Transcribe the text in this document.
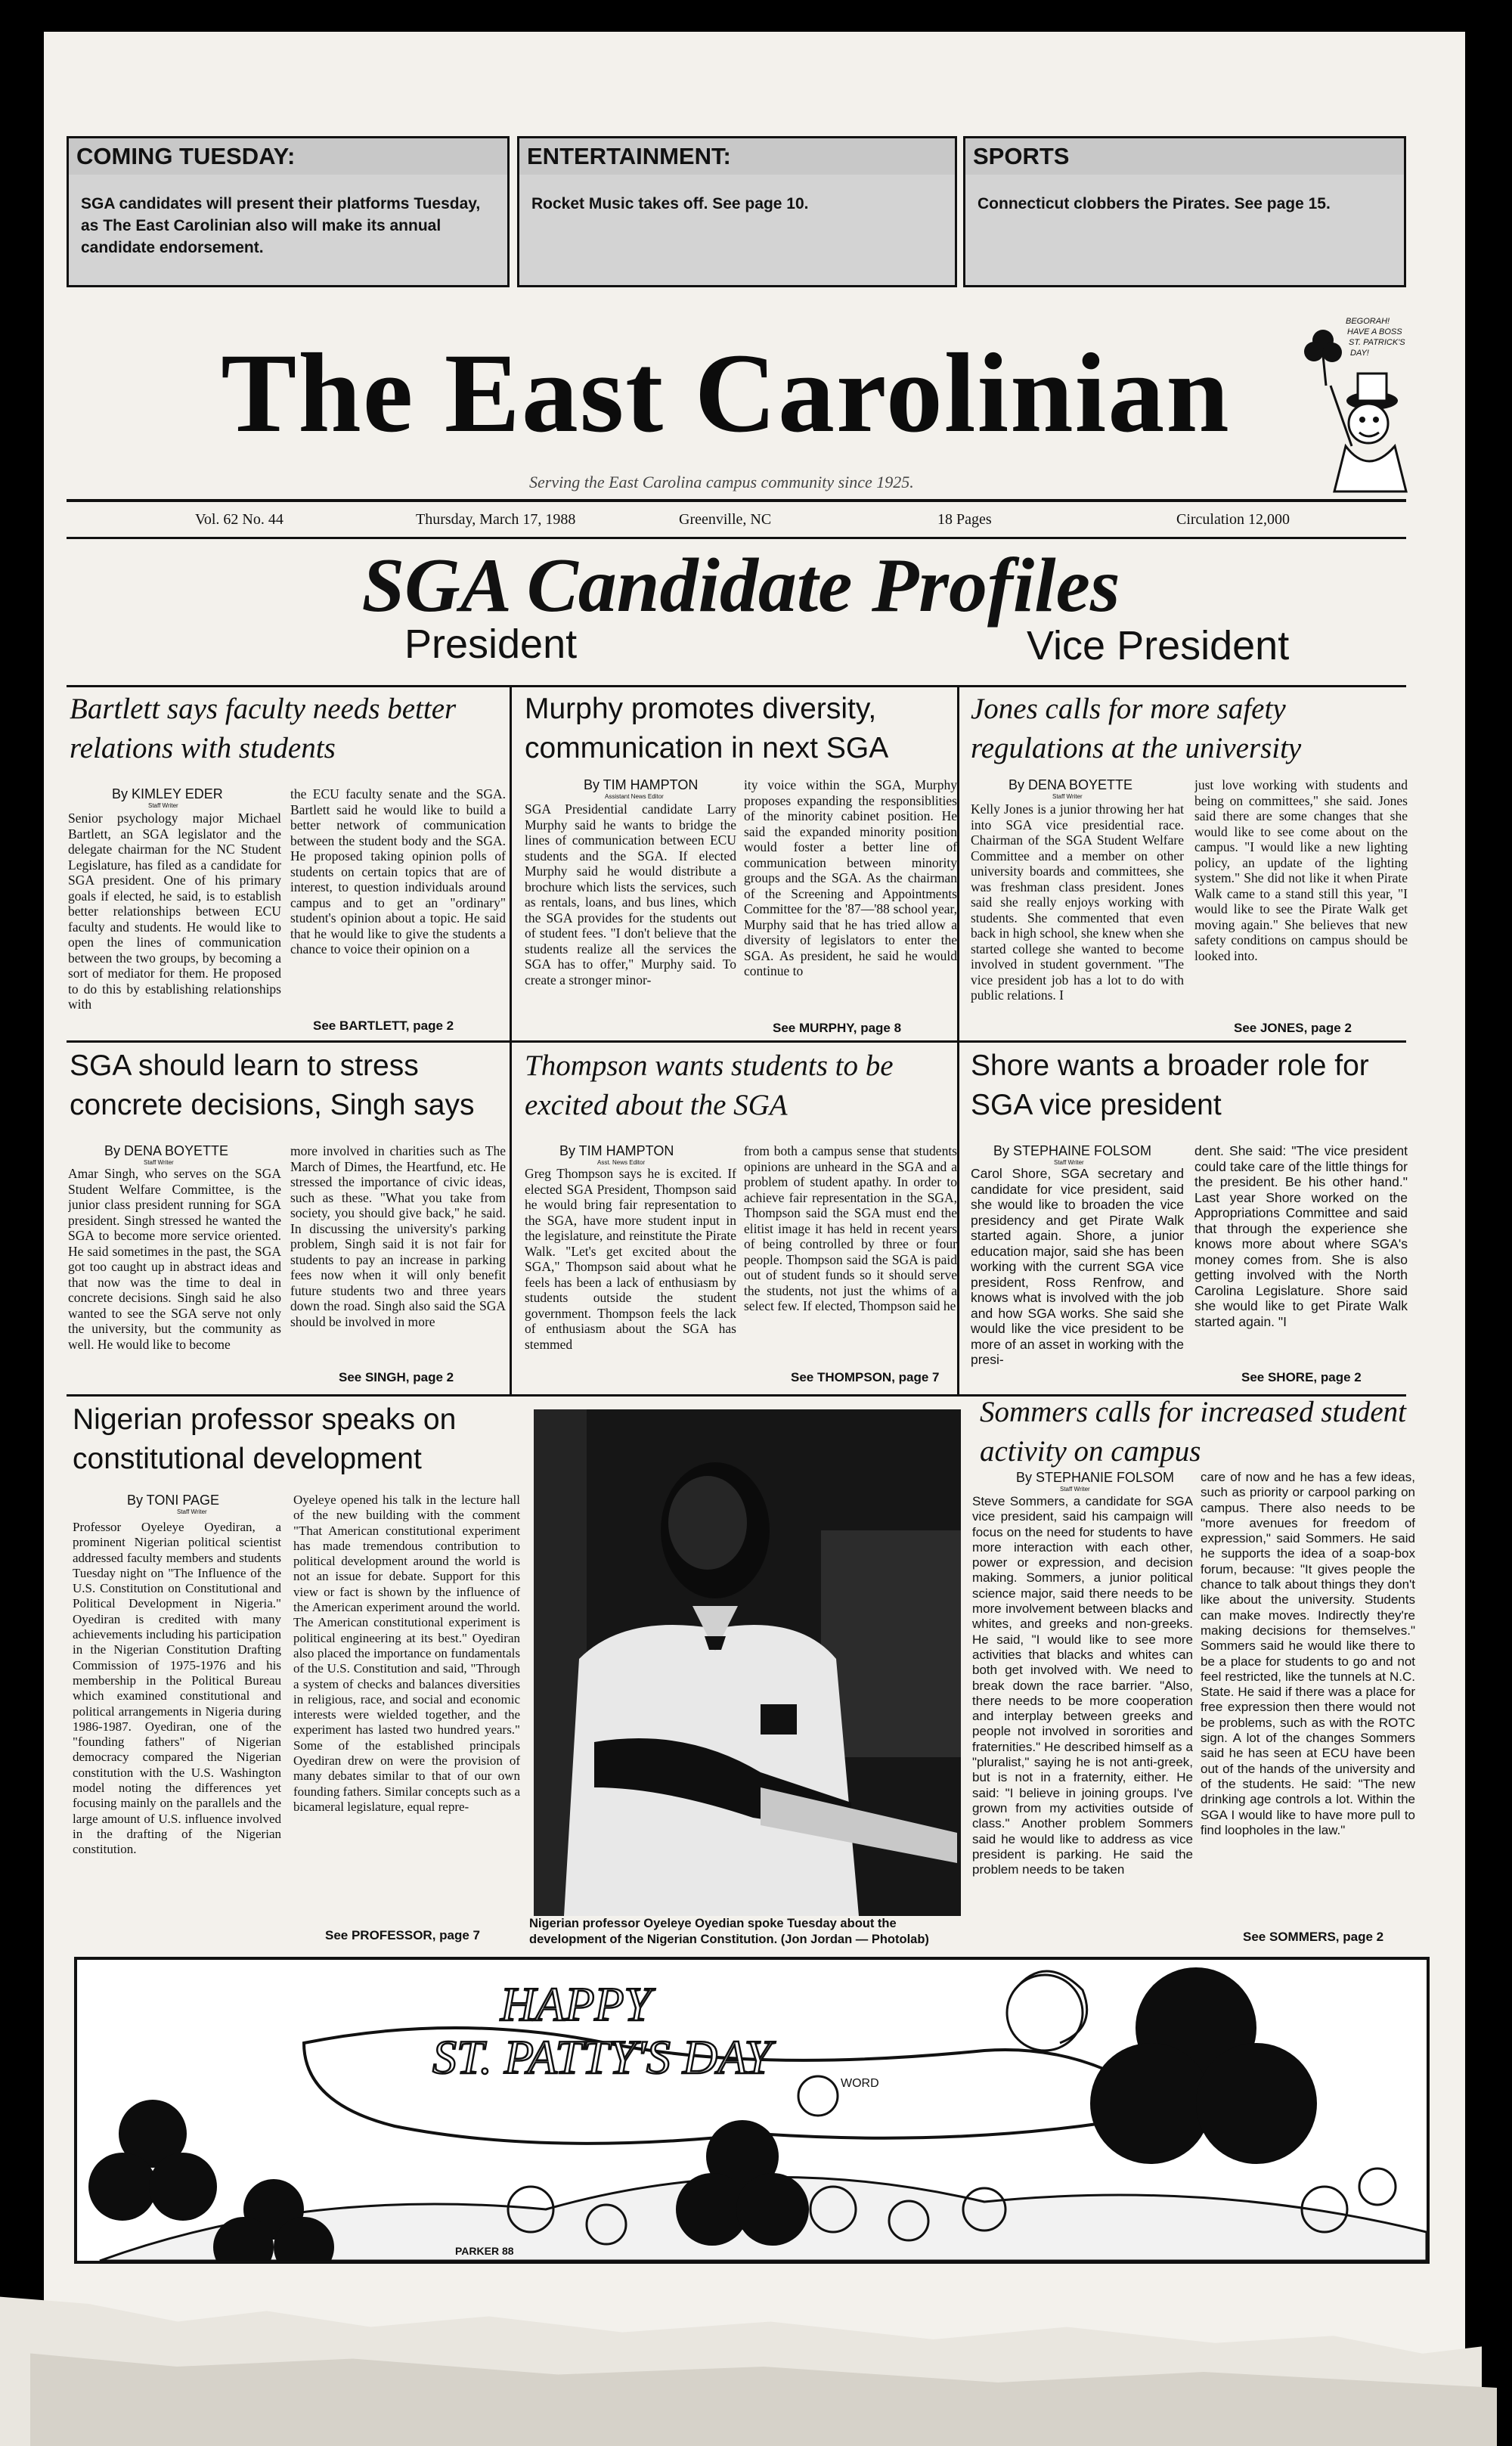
COMING TUESDAY:
SGA candidates will present their platforms Tuesday, as The East Carolinian also will make its annual candidate endorsement.
ENTERTAINMENT:
Rocket Music takes off. See page 10.
SPORTS
Connecticut clobbers the Pirates. See page 15.
The East Carolinian
BEGORAH! HAVE A BOSS ST. PATRICK'S DAY!
Serving the East Carolina campus community since 1925.
Vol. 62 No. 44	Thursday, March 17, 1988	Greenville, NC	18 Pages	Circulation 12,000
SGA Candidate Profiles
President	Vice President
Bartlett says faculty needs better relations with students
By KIMLEY EDER
Staff Writer
Senior psychology major Michael Bartlett, an SGA legislator and the delegate chairman for the NC Student Legislature, has filed as a candidate for SGA president. One of his primary goals if elected, he said, is to establish better relationships between ECU faculty and students. He would like to open the lines of communication between the two groups, by becoming a sort of mediator for them. He proposed to do this by establishing relationships with
the ECU faculty senate and the SGA. Bartlett said he would like to build a better network of communication between the student body and the SGA. He proposed taking opinion polls of students on certain topics that are of interest, to question individuals around campus and to get an "ordinary" student's opinion about a topic. He said that he would like to give the students a chance to voice their opinion on a
See BARTLETT, page 2
Murphy promotes diversity, communication in next SGA
By TIM HAMPTON
Assistant News Editor
SGA Presidential candidate Larry Murphy said he wants to bridge the lines of communication between ECU students and the SGA. If elected Murphy said he would distribute a brochure which lists the services, such as rentals, loans, and bus lines, which the SGA provides for the students out of student fees. "I don't believe that the students realize all the services the SGA has to offer," Murphy said. To create a stronger minor-
ity voice within the SGA, Murphy proposes expanding the responsiblities of the minority cabinet position. He said the expanded minority position would foster a better line of communication between minority groups and the SGA. As the chairman of the Screening and Appointments Committee for the '87—'88 school year, Murphy said that he has tried allow a diversity of legislators to enter the SGA. As president, he said he would continue to
See MURPHY, page 8
Jones calls for more safety regulations at the university
By DENA BOYETTE
Staff Writer
Kelly Jones is a junior throwing her hat into SGA vice presidential race. Chairman of the SGA Student Welfare Committee and a member on other university boards and committees, she was freshman class president. Jones said she really enjoys working with students. She commented that even back in high school, she knew when she started college she wanted to become involved in student government. "The vice president job has a lot to do with public relations. I
just love working with students and being on committees," she said. Jones said there are some changes that she would like to see come about on the campus. "I would like a new lighting policy, an update of the lighting system." She did not like it when Pirate Walk came to a stand still this year, "I would like to see the Pirate Walk get moving again." She believes that new safety conditions on campus should be looked into.
See JONES, page 2
SGA should learn to stress concrete decisions, Singh says
By DENA BOYETTE
Staff Writer
Amar Singh, who serves on the SGA Student Welfare Committee, is the junior class president running for SGA president. Singh stressed he wanted the SGA to become more service oriented. He said sometimes in the past, the SGA got too caught up in abstract ideas and that now was the time to deal in concrete decisions. Singh said he also wanted to see the SGA serve not only the university, but the community as well. He would like to become
more involved in charities such as The March of Dimes, the Heartfund, etc. He stressed the importance of civic ideas, such as these. "What you take from society, you should give back," he said. In discussing the university's parking problem, Singh said it is not fair for students to pay an increase in parking fees now when it will only benefit future students two and three years down the road. Singh also said the SGA should be involved in more
See SINGH, page 2
Thompson wants students to be excited about the SGA
By TIM HAMPTON
Asst. News Editor
Greg Thompson says he is excited. If elected SGA President, Thompson said he would bring fair representation to the SGA, have more student input in the legislature, and reinstitute the Pirate Walk. "Let's get excited about the SGA," Thompson said about what he feels has been a lack of enthusiasm by students outside the student government. Thompson feels the lack of enthusiasm about the SGA has stemmed
from both a campus sense that students opinions are unheard in the SGA and a problem of student apathy. In order to achieve fair representation in the SGA, Thompson said the SGA must end the elitist image it has held in recent years of being controlled by three or four people. Thompson said the SGA is paid out of student funds so it should serve the students, not just the whims of a select few. If elected, Thompson said he
See THOMPSON, page 7
Shore wants a broader role for SGA vice president
By STEPHAINE FOLSOM
Staff Writer
Carol Shore, SGA secretary and candidate for vice president, said she would like to broaden the vice presidency and get Pirate Walk started again. Shore, a junior education major, said she has been working with the current SGA vice president, Ross Renfrow, and knows what is involved with the job and how SGA works. She said she would like the vice president to be more of an asset in working with the presi-
dent. She said: "The vice president could take care of the little things for the president. Be his other hand." Last year Shore worked on the Appropriations Committee and said that through the experience she knows more about where SGA's money comes from. She is also getting involved with the North Carolina Legislature. Shore said she would like to get Pirate Walk started again. "I
See SHORE, page 2
Nigerian professor speaks on constitutional development
By TONI PAGE
Staff Writer
Professor Oyeleye Oyediran, a prominent Nigerian political scientist addressed faculty members and students Tuesday night on "The Influence of the U.S. Constitution on Constitutional and Political Development in Nigeria." Oyediran is credited with many achievements including his participation in the Nigerian Constitution Drafting Commission of 1975-1976 and his membership in the Political Bureau which examined constitutional and political arrangements in Nigeria during 1986-1987. Oyediran, one of the "founding fathers" of Nigerian democracy compared the Nigerian constitution with the U.S. Washington model noting the differences yet focusing mainly on the parallels and the large amount of U.S. influence involved in the drafting of the Nigerian constitution.
Oyeleye opened his talk in the lecture hall of the new building with the comment "That American constitutional experiment has made tremendous contribution to political development around the world is not an issue for debate. Support for this view or fact is shown by the influence of the American experiment around the world. The American constitutional experiment is political engineering at its best." Oyediran also placed the importance on fundamentals of the U.S. Constitution and said, "Through a system of checks and balances diversities in religious, race, and social and economic interests were wielded together, and the experiment has lasted two hundred years." Some of the established principals Oyediran drew on were the provision of many debates similar to that of our own founding fathers. Similar concepts such as a bicameral legislature, equal repre-
See PROFESSOR, page 7
Nigerian professor Oyeleye Oyedian spoke Tuesday about the development of the Nigerian Constitution. (Jon Jordan — Photolab)
Sommers calls for increased student activity on campus
By STEPHANIE FOLSOM
Staff Writer
Steve Sommers, a candidate for SGA vice president, said his campaign will focus on the need for students to have more interaction with each other, power or expression, and decision making. Sommers, a junior political science major, said there needs to be more involvement between blacks and whites, and greeks and non-greeks. He said, "I would like to see more activities that blacks and whites can both get involved with. We need to break down the race barrier. "Also, there needs to be more cooperation and interplay between greeks and people not involved in sororities and fraternities." He described himself as a "pluralist," saying he is not anti-greek, but is not in a fraternity, either. He said: "I believe in joining groups. I've grown from my activities outside of class." Another problem Sommers said he would like to address as vice president is parking. He said the problem needs to be taken
care of now and he has a few ideas, such as priority or carpool parking on campus. There also needs to be "more avenues for freedom of expression," said Sommers. He said he supports the idea of a soap-box forum, because: "It gives people the chance to talk about things they don't like about the university. Students can make moves. Indirectly they're making decisions for themselves." Sommers said he would like there to be a place for students to go and not feel restricted, like the tunnels at N.C. State. He said if there was a place for free expression then there would not be problems, such as with the ROTC sign. A lot of the changes Sommers said he has seen at ECU have been out of the hands of the university and of the students. He said: "The new drinking age controls a lot. Within the SGA I would like to have more pull to find loopholes in the law."
See SOMMERS, page 2
HAPPY
ST. PATTY'S DAY	WORD
PARKER 88
